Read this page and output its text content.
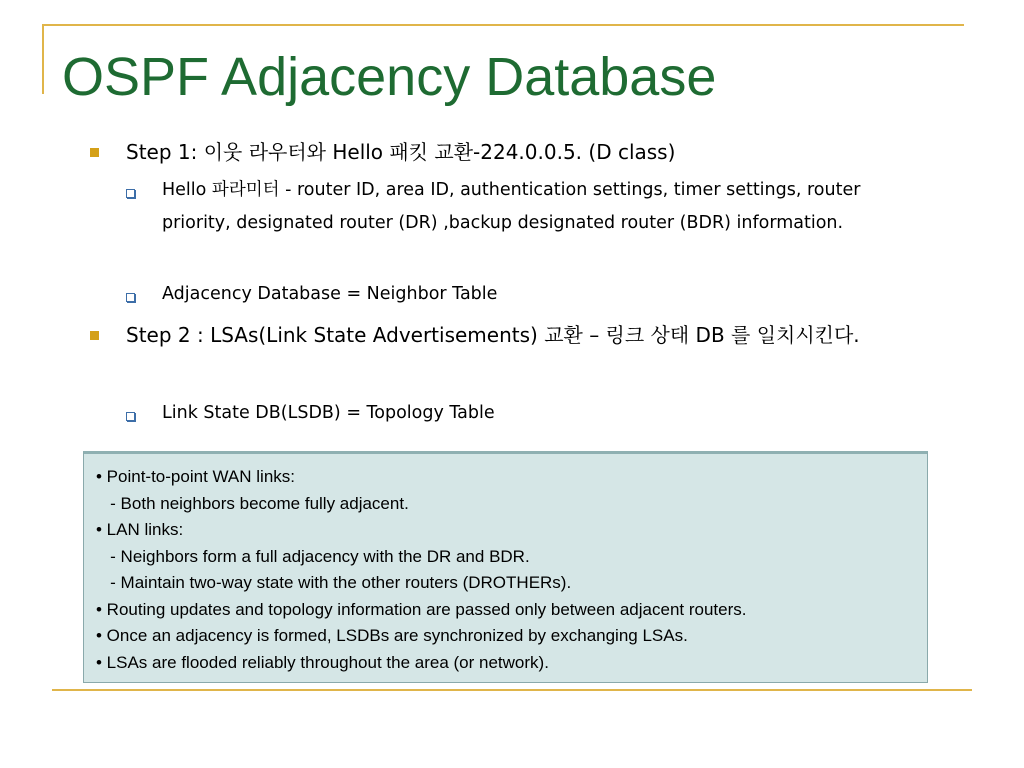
OSPF Adjacency Database
Step 1: 이웃 라우터와 Hello 패킷 교환-224.0.0.5. (D class)
Hello 파라미터 - router ID, area ID, authentication settings, timer settings, router priority, designated router (DR) ,backup designated router (BDR) information.
Adjacency Database = Neighbor Table
Step 2 : LSAs(Link State Advertisements) 교환 – 링크 상태 DB 를 일치시킨다.
Link State DB(LSDB) = Topology Table
• Point-to-point WAN links:
- Both neighbors become fully adjacent.
• LAN links:
- Neighbors form a full adjacency with the DR and BDR.
- Maintain two-way state with the other routers (DROTHERs).
• Routing updates and topology information are passed only between adjacent routers.
• Once an adjacency is formed, LSDBs are synchronized by exchanging LSAs.
• LSAs are flooded reliably throughout the area (or network).
